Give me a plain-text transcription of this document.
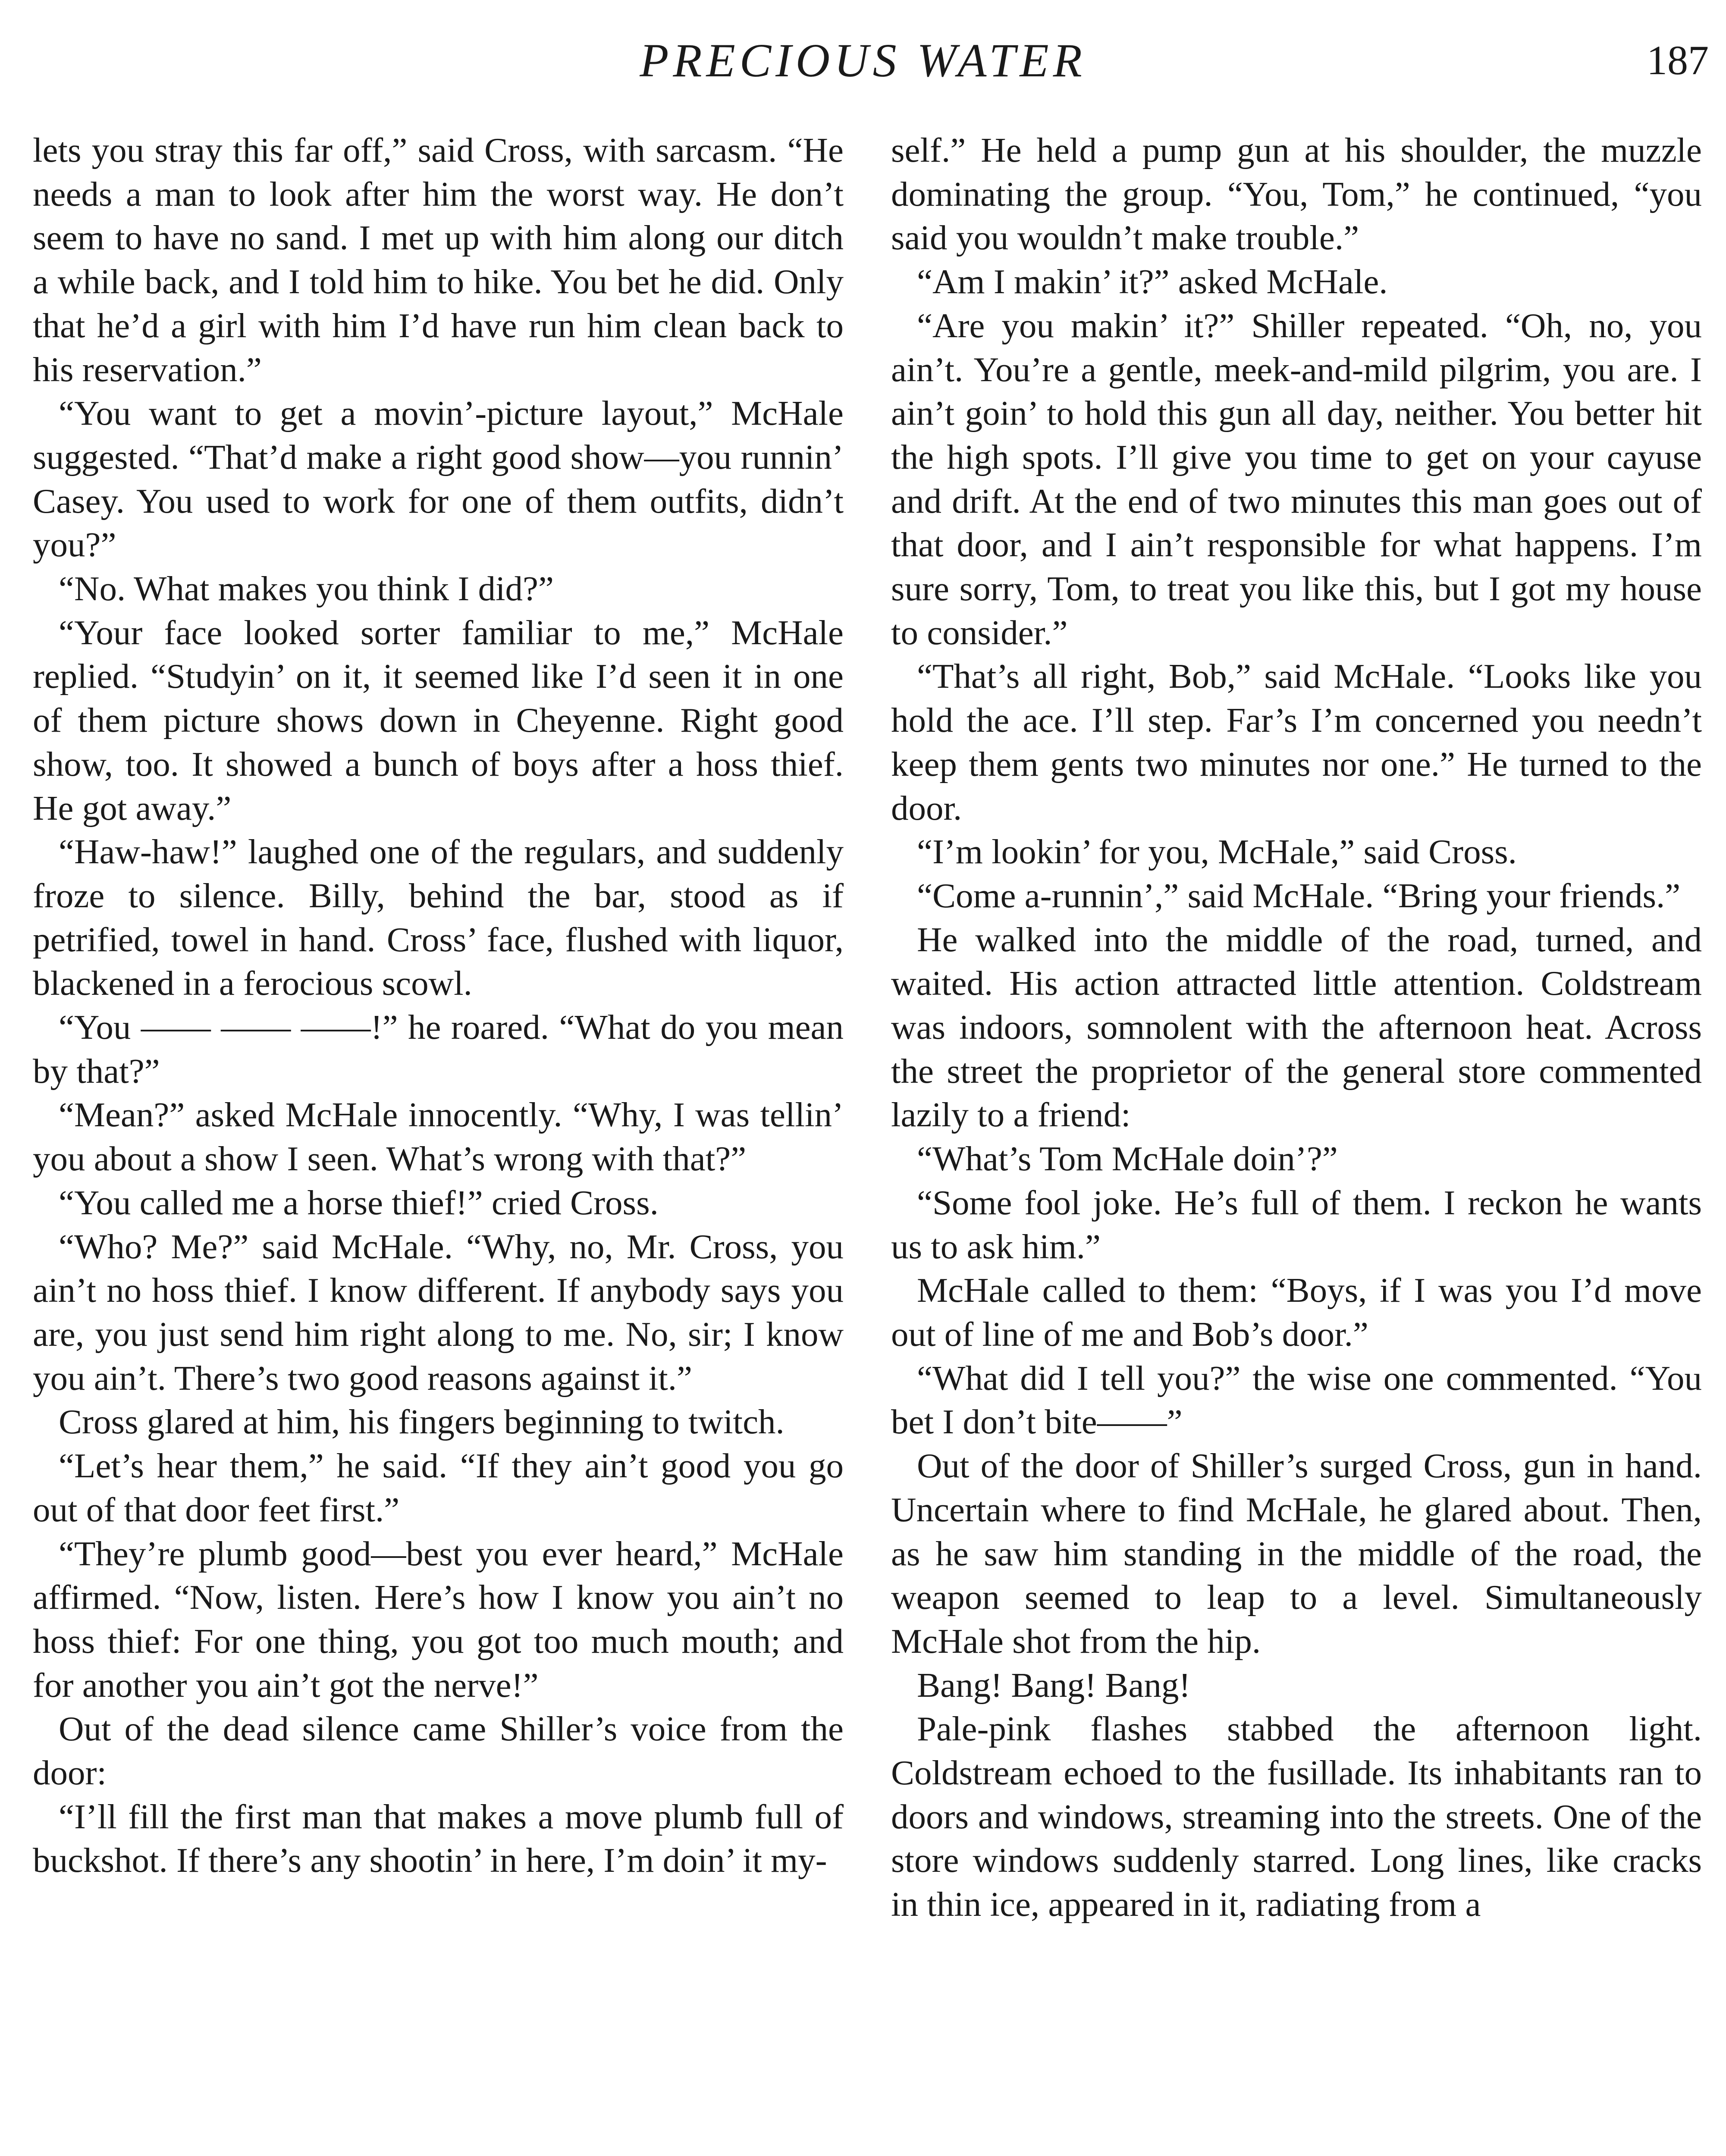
PRECIOUS WATER	187

lets you stray this far off,” said Cross, with sarcasm. “He needs a man to look after him the worst way. He don’t seem to have no sand. I met up with him along our ditch a while back, and I told him to hike. You bet he did. Only that he’d a girl with him I’d have run him clean back to his reservation.”

“You want to get a movin’-picture layout,” McHale suggested. “That’d make a right good show—you runnin’ Casey. You used to work for one of them outfits, didn’t you?”

“No. What makes you think I did?”

“Your face looked sorter familiar to me,” McHale replied. “Studyin’ on it, it seemed like I’d seen it in one of them picture shows down in Cheyenne. Right good show, too. It showed a bunch of boys after a hoss thief. He got away.”

“Haw-haw!” laughed one of the regulars, and suddenly froze to silence. Billy, behind the bar, stood as if petrified, towel in hand. Cross’ face, flushed with liquor, blackened in a ferocious scowl.

“You —— —— ——!” he roared. “What do you mean by that?”

“Mean?” asked McHale innocently. “Why, I was tellin’ you about a show I seen. What’s wrong with that?”

“You called me a horse thief!” cried Cross.

“Who? Me?” said McHale. “Why, no, Mr. Cross, you ain’t no hoss thief. I know different. If anybody says you are, you just send him right along to me. No, sir; I know you ain’t. There’s two good reasons against it.”

Cross glared at him, his fingers beginning to twitch.

“Let’s hear them,” he said. “If they ain’t good you go out of that door feet first.”

“They’re plumb good—best you ever heard,” McHale affirmed. “Now, listen. Here’s how I know you ain’t no hoss thief: For one thing, you got too much mouth; and for another you ain’t got the nerve!”

Out of the dead silence came Shiller’s voice from the door:

“I’ll fill the first man that makes a move plumb full of buckshot. If there’s any shootin’ in here, I’m doin’ it my-

self.” He held a pump gun at his shoulder, the muzzle dominating the group. “You, Tom,” he continued, “you said you wouldn’t make trouble.”

“Am I makin’ it?” asked McHale.

“Are you makin’ it?” Shiller repeated. “Oh, no, you ain’t. You’re a gentle, meek-and-mild pilgrim, you are. I ain’t goin’ to hold this gun all day, neither. You better hit the high spots. I’ll give you time to get on your cayuse and drift. At the end of two minutes this man goes out of that door, and I ain’t responsible for what happens. I’m sure sorry, Tom, to treat you like this, but I got my house to consider.”

“That’s all right, Bob,” said McHale. “Looks like you hold the ace. I’ll step. Far’s I’m concerned you needn’t keep them gents two minutes nor one.” He turned to the door.

“I’m lookin’ for you, McHale,” said Cross.

“Come a-runnin’,” said McHale. “Bring your friends.”

He walked into the middle of the road, turned, and waited. His action attracted little attention. Coldstream was indoors, somnolent with the afternoon heat. Across the street the proprietor of the general store commented lazily to a friend:

“What’s Tom McHale doin’?”

“Some fool joke. He’s full of them. I reckon he wants us to ask him.”

McHale called to them: “Boys, if I was you I’d move out of line of me and Bob’s door.”

“What did I tell you?” the wise one commented. “You bet I don’t bite——”

Out of the door of Shiller’s surged Cross, gun in hand. Uncertain where to find McHale, he glared about. Then, as he saw him standing in the middle of the road, the weapon seemed to leap to a level. Simultaneously McHale shot from the hip.

Bang! Bang! Bang!

Pale-pink flashes stabbed the afternoon light. Coldstream echoed to the fusillade. Its inhabitants ran to doors and windows, streaming into the streets. One of the store windows suddenly starred. Long lines, like cracks in thin ice, appeared in it, radiating from a
